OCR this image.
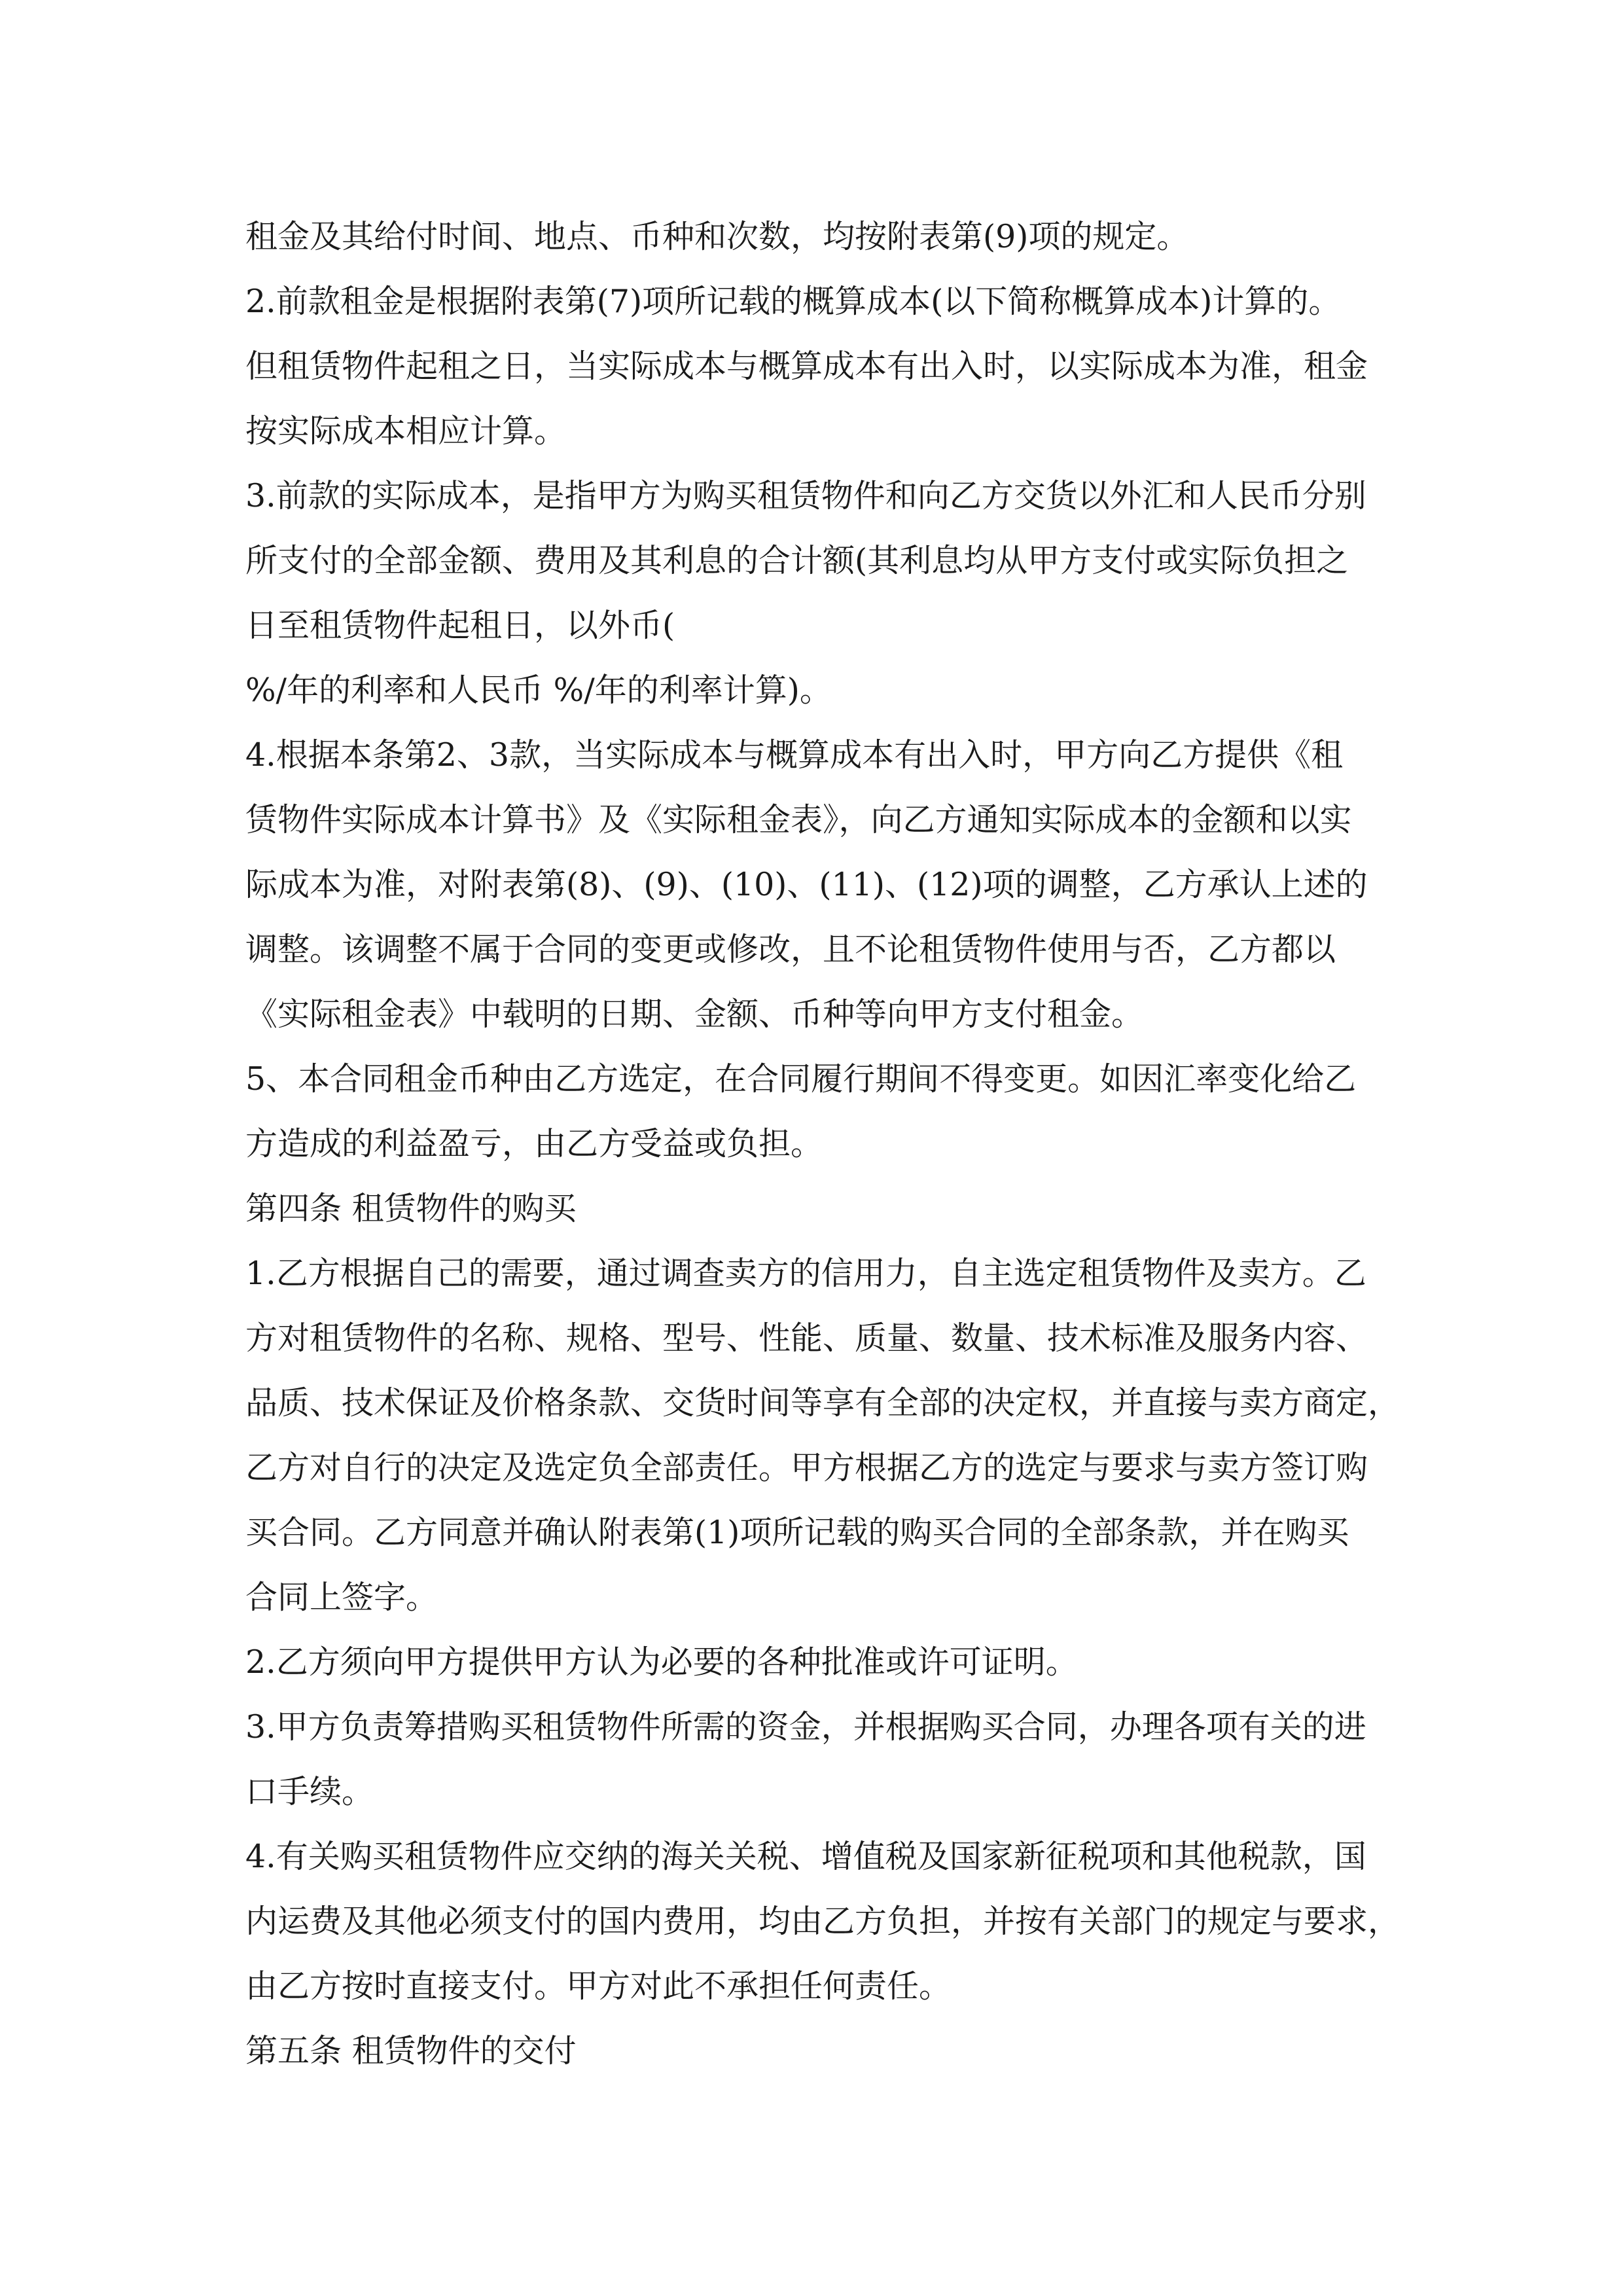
租金及其给付时间、地点、币种和次数，均按附表第(9)项的规定。
2.前款租金是根据附表第(7)项所记载的概算成本(以下简称概算成本)计算的。
但租赁物件起租之日，当实际成本与概算成本有出入时，以实际成本为准，租金
按实际成本相应计算。
3.前款的实际成本，是指甲方为购买租赁物件和向乙方交货以外汇和人民币分别
所支付的全部金额、费用及其利息的合计额(其利息均从甲方支付或实际负担之
日至租赁物件起租日，以外币(
%/年的利率和人民币 %/年的利率计算)。
4.根据本条第2、3款，当实际成本与概算成本有出入时，甲方向乙方提供《租
赁物件实际成本计算书》及《实际租金表》，向乙方通知实际成本的金额和以实
际成本为准，对附表第(8)、(9)、(10)、(11)、(12)项的调整，乙方承认上述的
调整。该调整不属于合同的变更或修改，且不论租赁物件使用与否，乙方都以
《实际租金表》中载明的日期、金额、币种等向甲方支付租金。
5、本合同租金币种由乙方选定，在合同履行期间不得变更。如因汇率变化给乙
方造成的利益盈亏，由乙方受益或负担。
第四条 租赁物件的购买
1.乙方根据自己的需要，通过调查卖方的信用力，自主选定租赁物件及卖方。乙
方对租赁物件的名称、规格、型号、性能、质量、数量、技术标准及服务内容、
品质、技术保证及价格条款、交货时间等享有全部的决定权，并直接与卖方商定，
乙方对自行的决定及选定负全部责任。甲方根据乙方的选定与要求与卖方签订购
买合同。乙方同意并确认附表第(1)项所记载的购买合同的全部条款，并在购买
合同上签字。
2.乙方须向甲方提供甲方认为必要的各种批准或许可证明。
3.甲方负责筹措购买租赁物件所需的资金，并根据购买合同，办理各项有关的进
口手续。
4.有关购买租赁物件应交纳的海关关税、增值税及国家新征税项和其他税款，国
内运费及其他必须支付的国内费用，均由乙方负担，并按有关部门的规定与要求，
由乙方按时直接支付。甲方对此不承担任何责任。
第五条 租赁物件的交付
